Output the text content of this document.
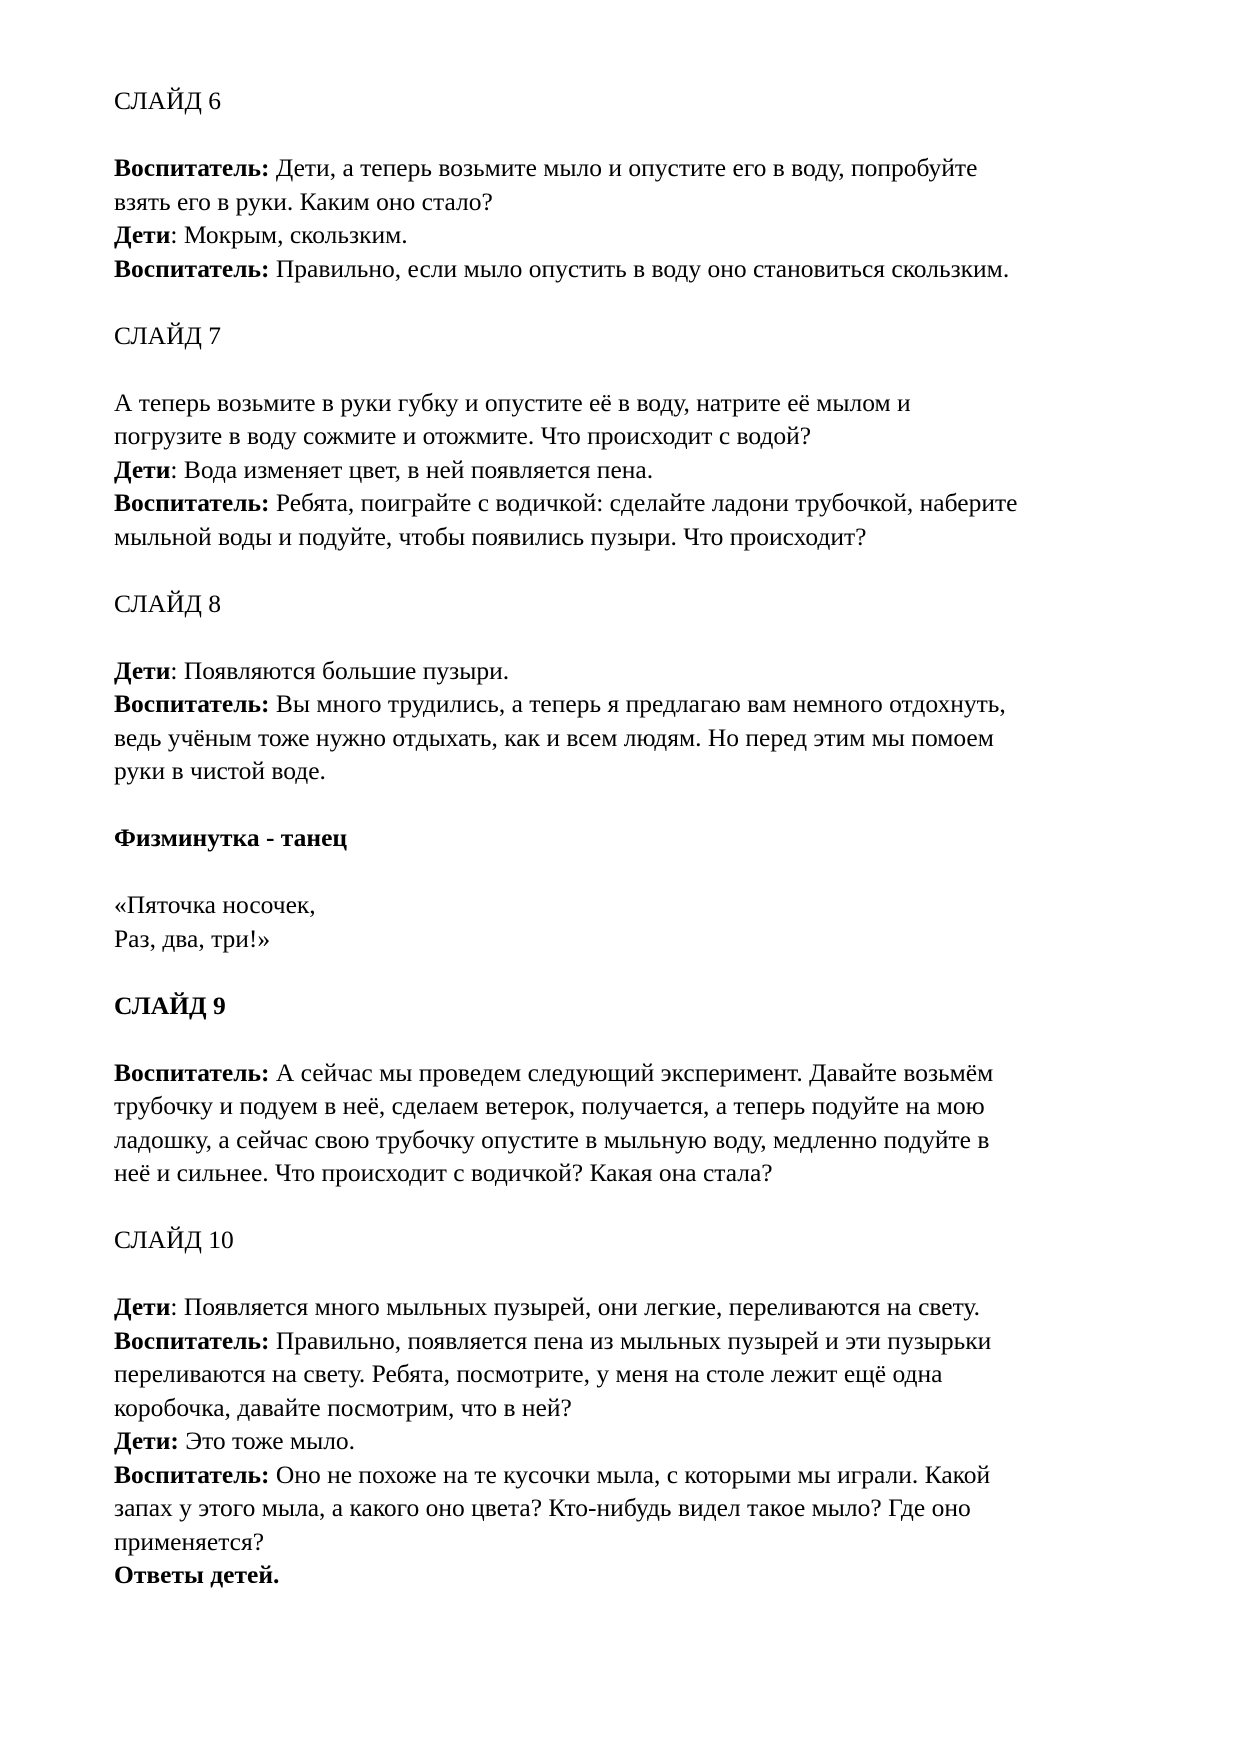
СЛАЙД 6
Воспитатель: Дети, а теперь возьмите мыло и опустите его в воду, попробуйте
взять его в руки. Каким оно стало?
Дети: Мокрым, скользким.
Воспитатель: Правильно, если мыло опустить в воду оно становиться скользким.
СЛАЙД 7
А теперь возьмите в руки губку и опустите её в воду, натрите её мылом и
погрузите в воду сожмите и отожмите. Что происходит с водой?
Дети: Вода изменяет цвет, в ней появляется пена.
Воспитатель: Ребята, поиграйте с водичкой: сделайте ладони трубочкой, наберите
мыльной воды и подуйте, чтобы появились пузыри. Что происходит?
СЛАЙД 8
Дети: Появляются большие пузыри.
Воспитатель: Вы много трудились, а теперь я предлагаю вам немного отдохнуть,
ведь учёным тоже нужно отдыхать, как и всем людям. Но перед этим мы помоем
руки в чистой воде.
Физминутка - танец
«Пяточка носочек,
Раз, два, три!»
СЛАЙД 9
Воспитатель: А сейчас мы проведем следующий эксперимент. Давайте возьмём
трубочку и подуем в неё, сделаем ветерок, получается, а теперь подуйте на мою
ладошку, а сейчас свою трубочку опустите в мыльную воду, медленно подуйте в
неё и сильнее. Что происходит с водичкой? Какая она стала?
СЛАЙД 10
Дети: Появляется много мыльных пузырей, они легкие, переливаются на свету.
Воспитатель: Правильно, появляется пена из мыльных пузырей и эти пузырьки
переливаются на свету. Ребята, посмотрите, у меня на столе лежит ещё одна
коробочка, давайте посмотрим, что в ней?
Дети: Это тоже мыло.
Воспитатель: Оно не похоже на те кусочки мыла, с которыми мы играли. Какой
запах у этого мыла, а какого оно цвета? Кто-нибудь видел такое мыло? Где оно
применяется?
Ответы детей.
